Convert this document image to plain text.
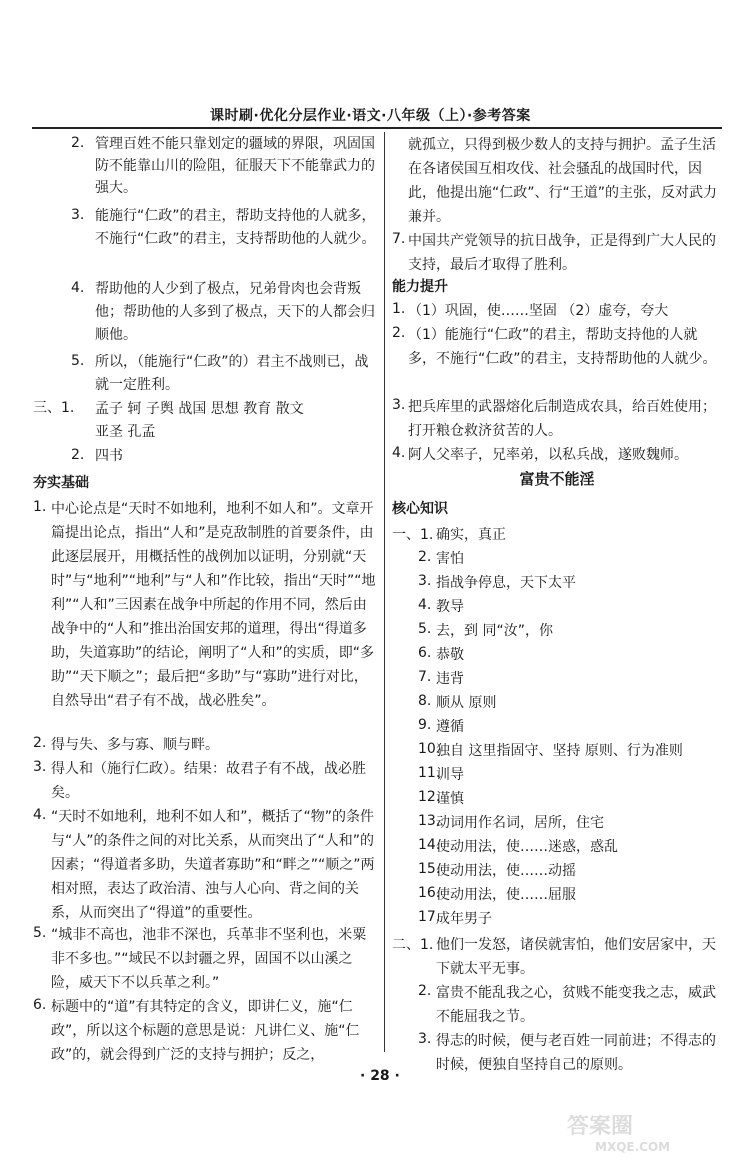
课时刷·优化分层作业·语文·八年级（上）·参考答案
2. 管理百姓不能只靠划定的疆域的界限，巩固国防不能靠山川的险阻，征服天下不能靠武力的强大。
3. 能施行“仁政”的君主，帮助支持他的人就多，不施行“仁政”的君主，支持帮助他的人就少。
4. 帮助他的人少到了极点，兄弟骨肉也会背叛他；帮助他的人多到了极点，天下的人都会归顺他。
5. 所以，（能施行“仁政”的）君主不战则已，战就一定胜利。
三、1. 孟子 轲 子舆 战国 思想 教育 散文
亚圣 孔孟
2. 四书
夯实基础
1. 中心论点是“天时不如地利，地利不如人和”。文章开篇提出论点，指出“人和”是克敌制胜的首要条件，由此逐层展开，用概括性的战例加以证明，分别就“天时”与“地利”“地利”与“人和”作比较，指出“天时”“地利”“人和”三因素在战争中所起的作用不同，然后由战争中的“人和”推出治国安邦的道理，得出“得道多助，失道寡助”的结论，阐明了“人和”的实质，即“多助”“天下顺之”；最后把“多助”与“寡助”进行对比，自然导出“君子有不战，战必胜矣”。
2. 得与失、多与寡、顺与畔。
3. 得人和（施行仁政）。结果：故君子有不战，战必胜矣。
4. “天时不如地利，地利不如人和”，概括了“物”的条件与“人”的条件之间的对比关系，从而突出了“人和”的因素；“得道者多助，失道者寡助”和“畔之”“顺之”两相对照，表达了政治清、浊与人心向、背之间的关系，从而突出了“得道”的重要性。
5. “城非不高也，池非不深也，兵革非不坚利也，米粟非不多也。”“域民不以封疆之界，固国不以山溪之险，威天下不以兵革之利。”
6. 标题中的“道”有其特定的含义，即讲仁义，施“仁政”，所以这个标题的意思是说：凡讲仁义、施“仁政”的，就会得到广泛的支持与拥护；反之，
就孤立，只得到极少数人的支持与拥护。孟子生活在各诸侯国互相攻伐、社会骚乱的战国时代，因此，他提出施“仁政”、行“王道”的主张，反对武力兼并。
7. 中国共产党领导的抗日战争，正是得到广大人民的支持，最后才取得了胜利。
能力提升
1. （1）巩固，使……坚固 （2）虚夸，夸大
2. （1）能施行“仁政”的君主，帮助支持他的人就多，不施行“仁政”的君主，支持帮助他的人就少。
3. 把兵库里的武器熔化后制造成农具，给百姓使用；打开粮仓救济贫苦的人。
4. 阿人父率子，兄率弟，以私兵战，遂败魏师。
富贵不能淫
核心知识
一、1. 确实，真正
2. 害怕
3. 指战争停息，天下太平
4. 教导
5. 去，到 同“汝”，你
6. 恭敬
7. 违背
8. 顺从 原则
9. 遵循
10.
独自 这里指固守、坚持 原则、行为准则
11.
训导
12.
谨慎
13.
动词用作名词，居所，住宅
14.
使动用法，使……迷惑，惑乱
15.
使动用法，使……动摇
16.
使动用法，使……屈服
17.
成年男子
二、1. 他们一发怒，诸侯就害怕，他们安居家中，天下就太平无事。
2. 富贵不能乱我之心，贫贱不能变我之志，威武不能屈我之节。
3. 得志的时候，便与老百姓一同前进；不得志的时候，便独自坚持自己的原则。
· 28 ·
答案圈
MXQE.COM
